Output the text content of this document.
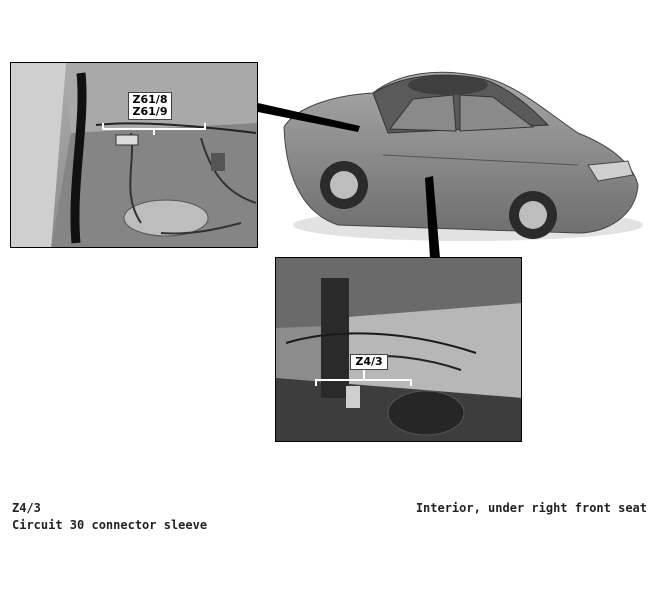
Z61/8
Z61/9
Z4/3
Z4/3
Circuit 30 connector sleeve
Interior, under right front seat
